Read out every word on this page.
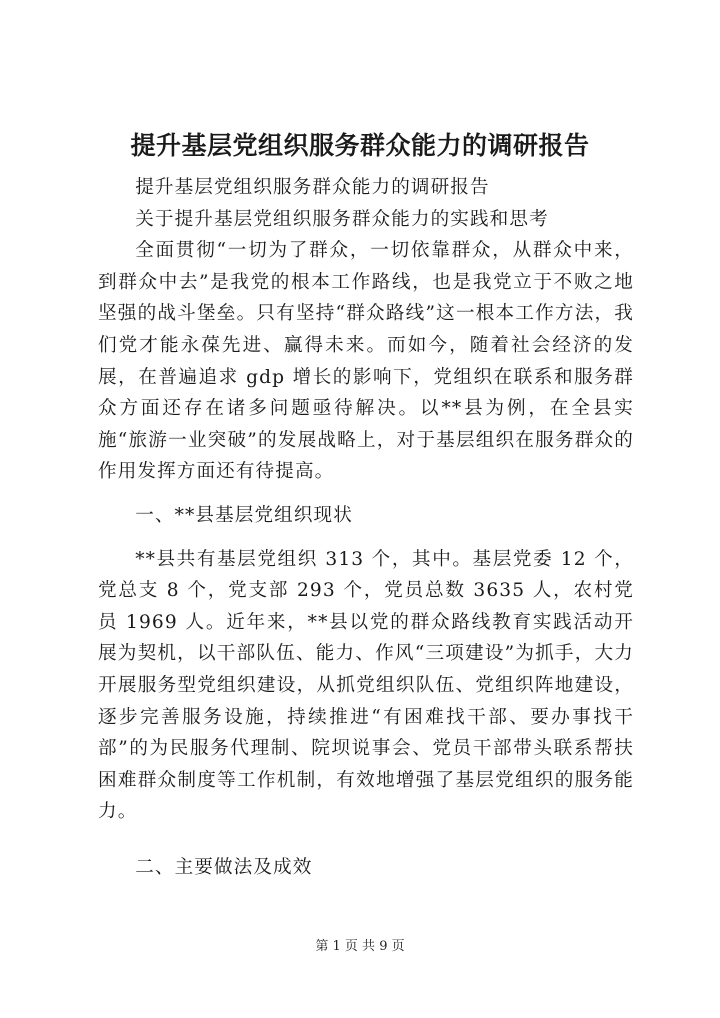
提升基层党组织服务群众能力的调研报告

提升基层党组织服务群众能力的调研报告

关于提升基层党组织服务群众能力的实践和思考

全面贯彻“一切为了群众，一切依靠群众，从群众中来，到群众中去”是我党的根本工作路线，也是我党立于不败之地坚强的战斗堡垒。只有坚持“群众路线”这一根本工作方法，我们党才能永葆先进、赢得未来。而如今，随着社会经济的发展，在普遍追求 gdp 增长的影响下，党组织在联系和服务群众方面还存在诸多问题亟待解决。以**县为例，在全县实施“旅游一业突破”的发展战略上，对于基层组织在服务群众的作用发挥方面还有待提高。

一、**县基层党组织现状

**县共有基层党组织 313 个，其中。基层党委 12 个，党总支 8 个，党支部 293 个，党员总数 3635 人，农村党员 1969 人。近年来，**县以党的群众路线教育实践活动开展为契机，以干部队伍、能力、作风“三项建设”为抓手，大力开展服务型党组织建设，从抓党组织队伍、党组织阵地建设，逐步完善服务设施，持续推进“有困难找干部、要办事找干部”的为民服务代理制、院坝说事会、党员干部带头联系帮扶困难群众制度等工作机制，有效地增强了基层党组织的服务能力。

二、主要做法及成效

第 1 页 共 9 页
